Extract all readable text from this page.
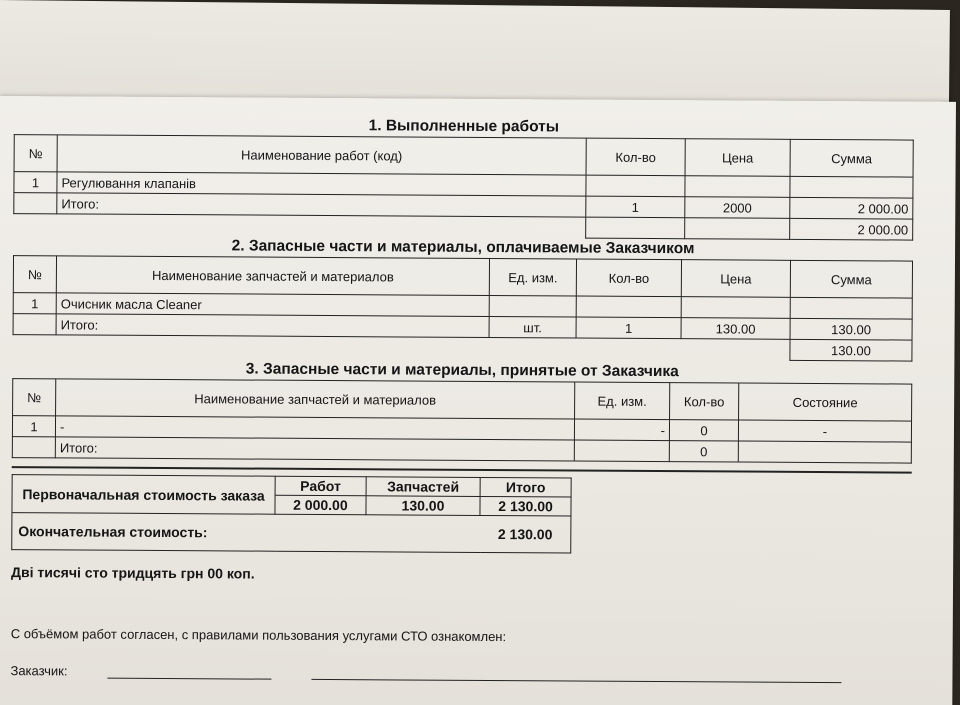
1. Выполненные работы
№	Наименование работ (код)	Кол-во	Цена	Сумма
1	Регулювання клапанів			
	Итого:	1	2000	2 000.00
				2 000.00
2. Запасные части и материалы, оплачиваемые Заказчиком
№	Наименование запчастей и материалов	Ед. изм.	Кол-во	Цена	Сумма
1	Очисник масла Cleaner				
	Итого:	шт.	1	130.00	130.00
					130.00
3. Запасные части и материалы, принятые от Заказчика
№	Наименование запчастей и материалов	Ед. изм.	Кол-во	Состояние
1	-	-	0	-
	Итого:		0	
Первоначальная стоимость заказа	Работ	Запчастей	Итого
	2 000.00	130.00	2 130.00
Окончательная стоимость:			2 130.00
Дві тисячі сто тридцять грн 00 коп.
С объёмом работ согласен, с правилами пользования услугами СТО ознакомлен:
Заказчик:
